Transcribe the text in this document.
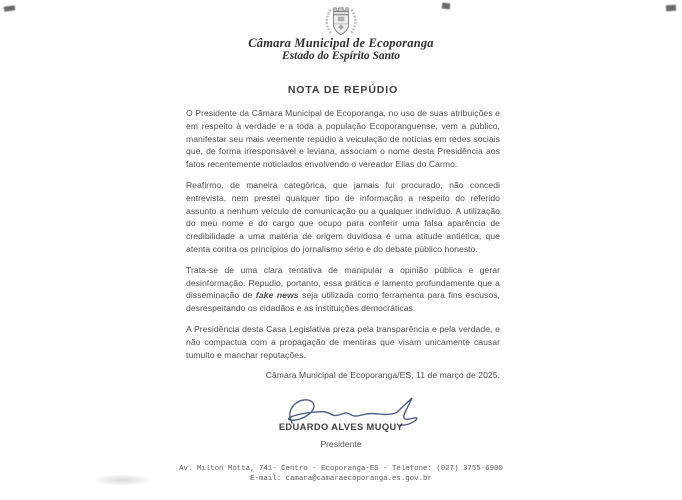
Câmara Municipal de Ecoporanga
Estado do Espírito Santo
NOTA DE REPÚDIO

O Presidente da Câmara Municipal de Ecoporanga, no uso de suas atribuições e em respeito à verdade e a toda a população Ecoporanguense, vem a público, manifestar seu mais veemente repúdio à veiculação de notícias em redes sociais que, de forma irresponsável e leviana, associam o nome desta Presidência aos fatos recentemente noticiados envolvendo o vereador Elias do Carmo.

Reafirmo, de maneira categórica, que jamais fui procurado, não concedi entrevista, nem prestei qualquer tipo de informação a respeito do referido assunto a nenhum veículo de comunicação ou a qualquer indivíduo. A utilização do meu nome e do cargo que ocupo para conferir uma falsa aparência de credibilidade a uma matéria de origem duvidosa é uma atitude antiética, que atenta contra os princípios do jornalismo sério e do debate público honesto.

Trata-se de uma clara tentativa de manipular a opinião pública e gerar desinformação. Repudio, portanto, essa prática e lamento profundamente que a disseminação de fake news seja utilizada como ferramenta para fins escusos, desrespeitando os cidadãos e as instituições democráticas.

A Presidência desta Casa Legislativa preza pela transparência e pela verdade, e não compactua com a propagação de mentiras que visam unicamente causar tumulto e manchar reputações.

Câmara Municipal de Ecoporanga/ES, 11 de março de 2025.

EDUARDO ALVES MUQUY
Presidente
Av. Milton Motta, 741- Centro - Ecoporanga-ES - Telefone: (027) 3755-6900
E-mail: camara@camaraecoporanga.es.gov.br
